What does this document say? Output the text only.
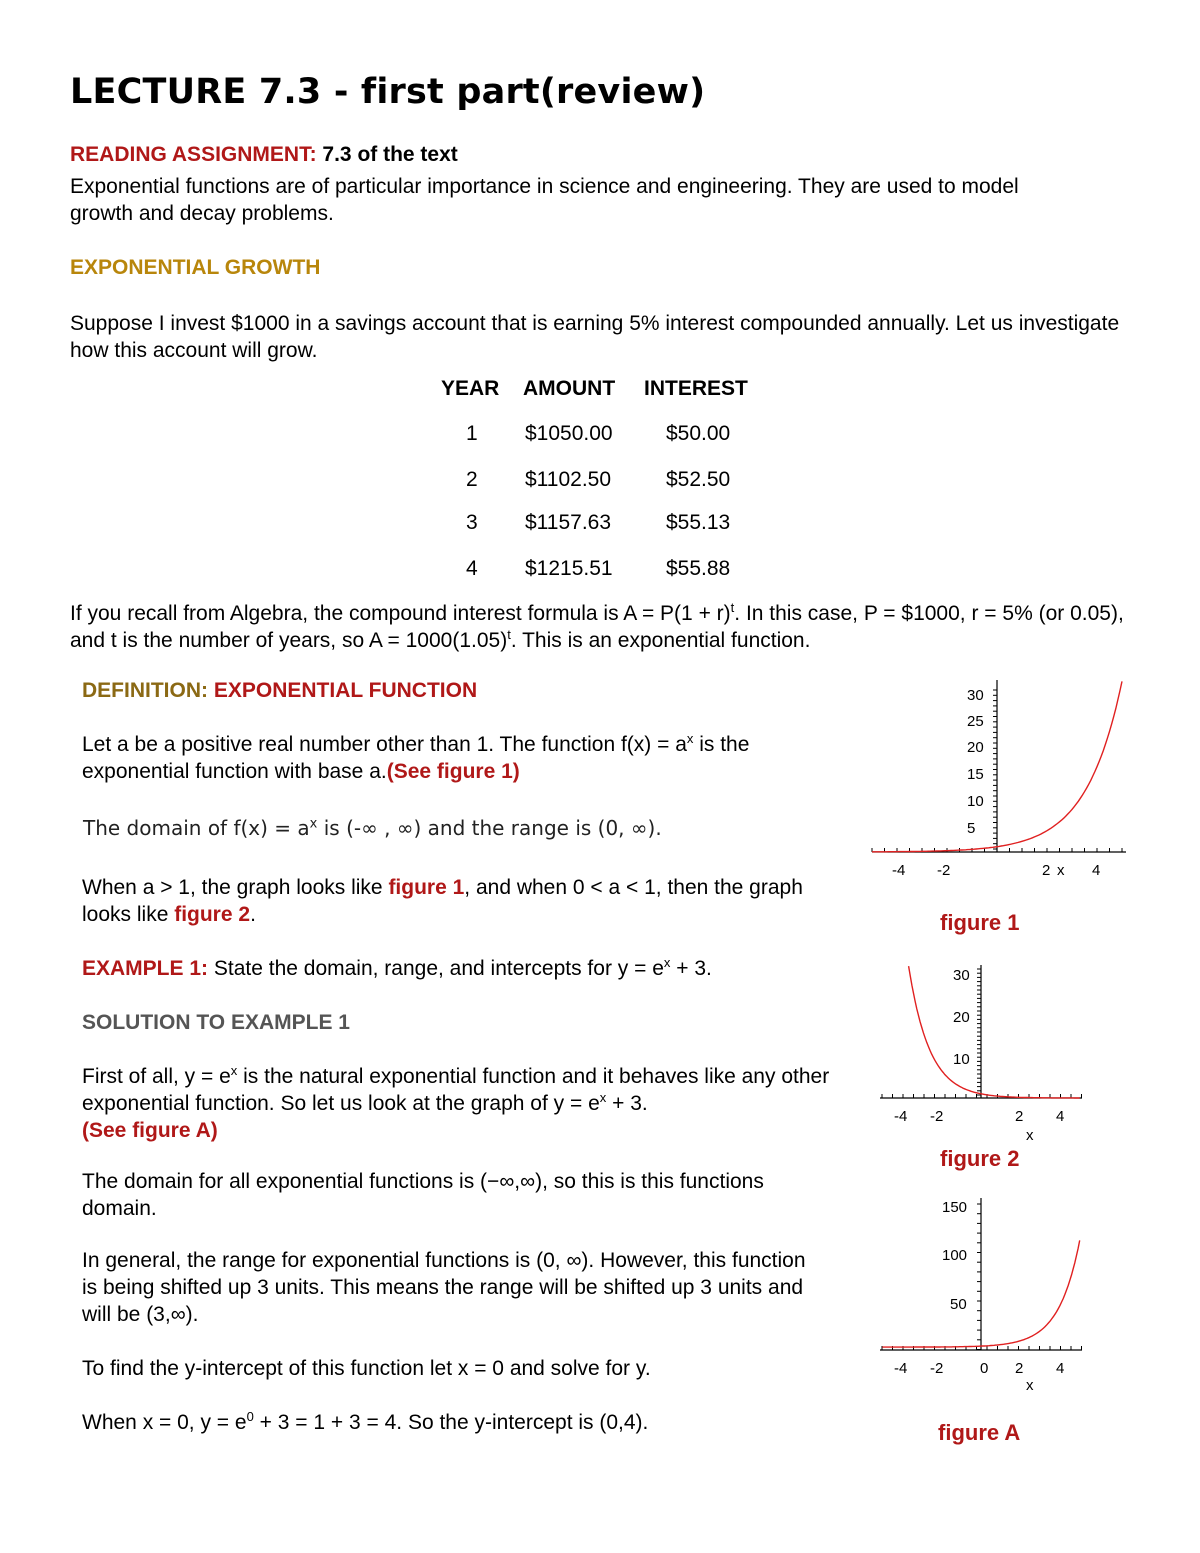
LECTURE 7.3 - first part(review)
READING ASSIGNMENT: 7.3 of the text
Exponential functions are of particular importance in science and engineering. They are used to model growth and decay problems.
EXPONENTIAL GROWTH
Suppose I invest $1000 in a savings account that is earning 5% interest compounded annually. Let us investigate how this account will grow.
YEAR AMOUNT INTEREST
1 $1050.00	$50.00
2 $1102.50	$52.50
3 $1157.63	$55.13
4 $1215.51	$55.88
If you recall from Algebra, the compound interest formula is $A = P(1 + r)^t$. In this case, P = $1000, r = 5% (or 0.05), and t is the number of years, so $A = 1000(1.05)^t$. This is an exponential function.
DEFINITION: EXPONENTIAL FUNCTION
Let a be a positive real number other than 1. The function $f(x) = a^x$ is the exponential function with base a.(See figure 1)
The domain of $f(x) = a^x$ is (-∞ , ∞) and the range is (0, ∞).
When a > 1, the graph looks like figure 1, and when 0 < a < 1, then the graph looks like figure 2.
EXAMPLE 1: State the domain, range, and intercepts for $y = e^x + 3$.
SOLUTION TO EXAMPLE 1
First of all, $y = e^x$ is the natural exponential function and it behaves like any other exponential function. So let us look at the graph of $y = e^x + 3$.
(See figure A)
The domain for all exponential functions is (−∞,∞), so this is this functions domain.
In general, the range for exponential functions is (0, ∞). However, this function is being shifted up 3 units. This means the range will be shifted up 3 units and will be (3,∞).
To find the y-intercept of this function let x = 0 and solve for y.
When x = 0, $y = e^0 + 3 = 1 + 3 = 4$. So the y-intercept is (0,4).
-4 -2	2 x 4
5
10
15
20
25
30
figure 1
-4 -2	2 4
x
10
20
30
figure 2
-4 -2 0 2 4
x
50
100
150
figure A
